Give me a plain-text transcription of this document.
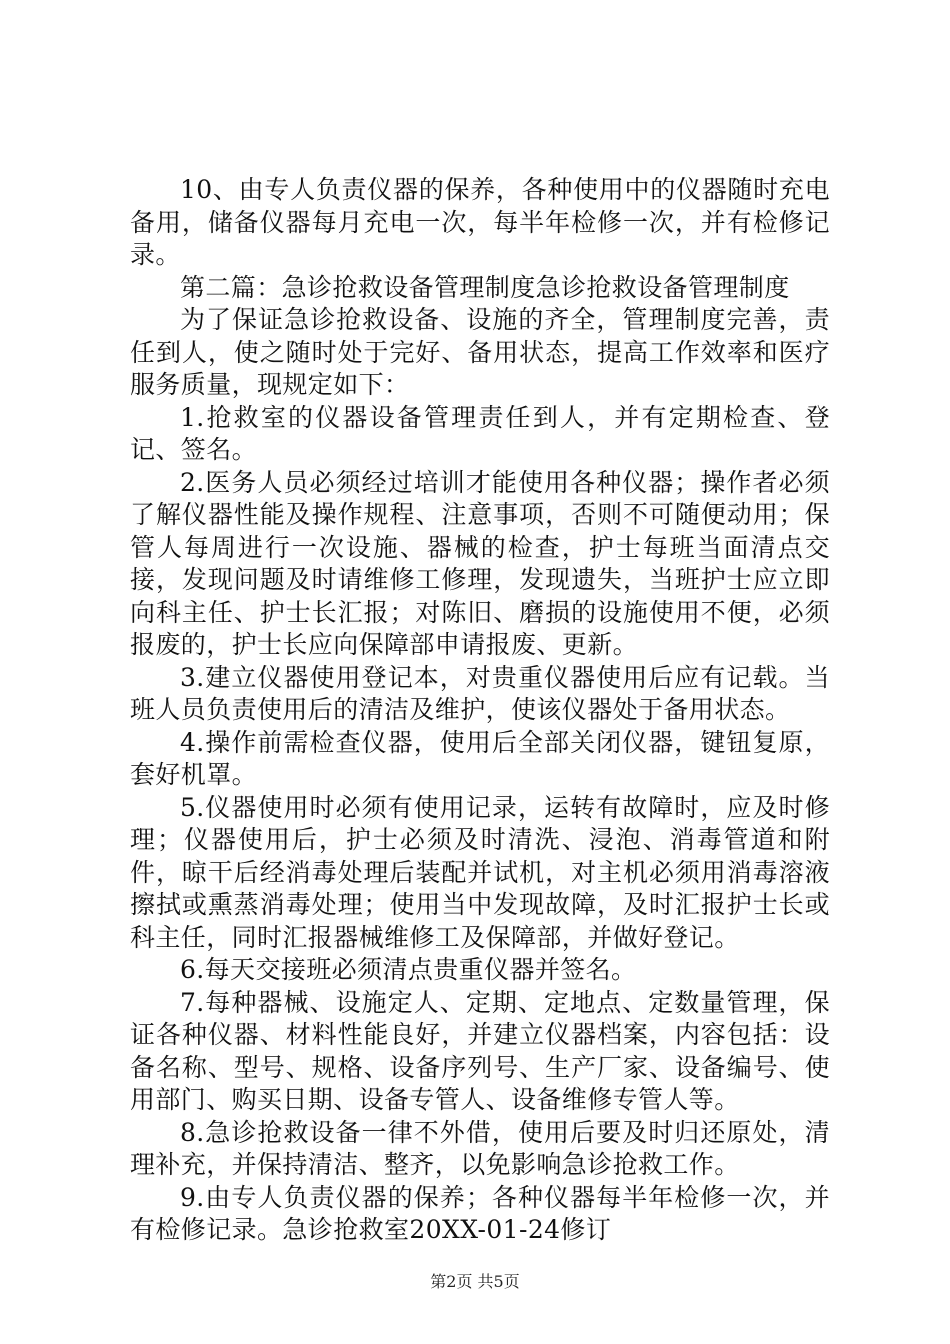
10、由专人负责仪器的保养，各种使用中的仪器随时充电备用，储备仪器每月充电一次，每半年检修一次，并有检修记录。

第二篇：急诊抢救设备管理制度急诊抢救设备管理制度

为了保证急诊抢救设备、设施的齐全，管理制度完善，责任到人，使之随时处于完好、备用状态，提高工作效率和医疗服务质量，现规定如下：

1.抢救室的仪器设备管理责任到人，并有定期检查、登记、签名。

2.医务人员必须经过培训才能使用各种仪器；操作者必须了解仪器性能及操作规程、注意事项，否则不可随便动用；保管人每周进行一次设施、器械的检查，护士每班当面清点交接，发现问题及时请维修工修理，发现遗失，当班护士应立即向科主任、护士长汇报；对陈旧、磨损的设施使用不便，必须报废的，护士长应向保障部申请报废、更新。

3.建立仪器使用登记本，对贵重仪器使用后应有记载。当班人员负责使用后的清洁及维护，使该仪器处于备用状态。

4.操作前需检查仪器，使用后全部关闭仪器，键钮复原，套好机罩。

5.仪器使用时必须有使用记录，运转有故障时，应及时修理；仪器使用后，护士必须及时清洗、浸泡、消毒管道和附件，晾干后经消毒处理后装配并试机，对主机必须用消毒溶液擦拭或熏蒸消毒处理；使用当中发现故障，及时汇报护士长或科主任，同时汇报器械维修工及保障部，并做好登记。

6.每天交接班必须清点贵重仪器并签名。

7.每种器械、设施定人、定期、定地点、定数量管理，保证各种仪器、材料性能良好，并建立仪器档案，内容包括：设备名称、型号、规格、设备序列号、生产厂家、设备编号、使用部门、购买日期、设备专管人、设备维修专管人等。

8.急诊抢救设备一律不外借，使用后要及时归还原处，清理补充，并保持清洁、整齐，以免影响急诊抢救工作。

9.由专人负责仪器的保养；各种仪器每半年检修一次，并有检修记录。急诊抢救室20XX-01-24修订

第2页 共5页
